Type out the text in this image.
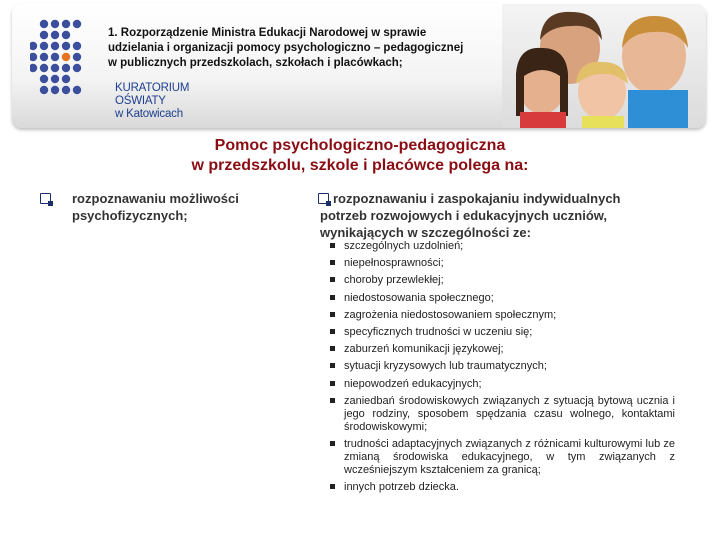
KURATORIUM
OŚWIATY
w Katowicach
1. Rozporządzenie Ministra Edukacji Narodowej w sprawie
udzielania i organizacji pomocy psychologiczno – pedagogicznej
w publicznych przedszkolach, szkołach i placówkach;
Pomoc psychologiczno-pedagogiczna
w przedszkolu, szkole i placówce polega na:
rozpoznawaniu możliwości
psychofizycznych;
rozpoznawaniu i zaspokajaniu indywidualnych
potrzeb rozwojowych i edukacyjnych uczniów,
wynikających w szczególności ze:
szczególnych uzdolnień;
niepełnosprawności;
choroby przewlekłej;
niedostosowania społecznego;
zagrożenia niedostosowaniem społecznym;
specyficznych trudności w uczeniu się;
zaburzeń komunikacji językowej;
sytuacji kryzysowych lub traumatycznych;
niepowodzeń edukacyjnych;
zaniedbań środowiskowych związanych z sytuacją bytową ucznia i jego rodziny, sposobem spędzania czasu wolnego, kontaktami środowiskowymi;
trudności adaptacyjnych związanych z różnicami kulturowymi lub ze zmianą środowiska edukacyjnego, w tym związanych z wcześniejszym kształceniem za granicą;
innych potrzeb dziecka.
